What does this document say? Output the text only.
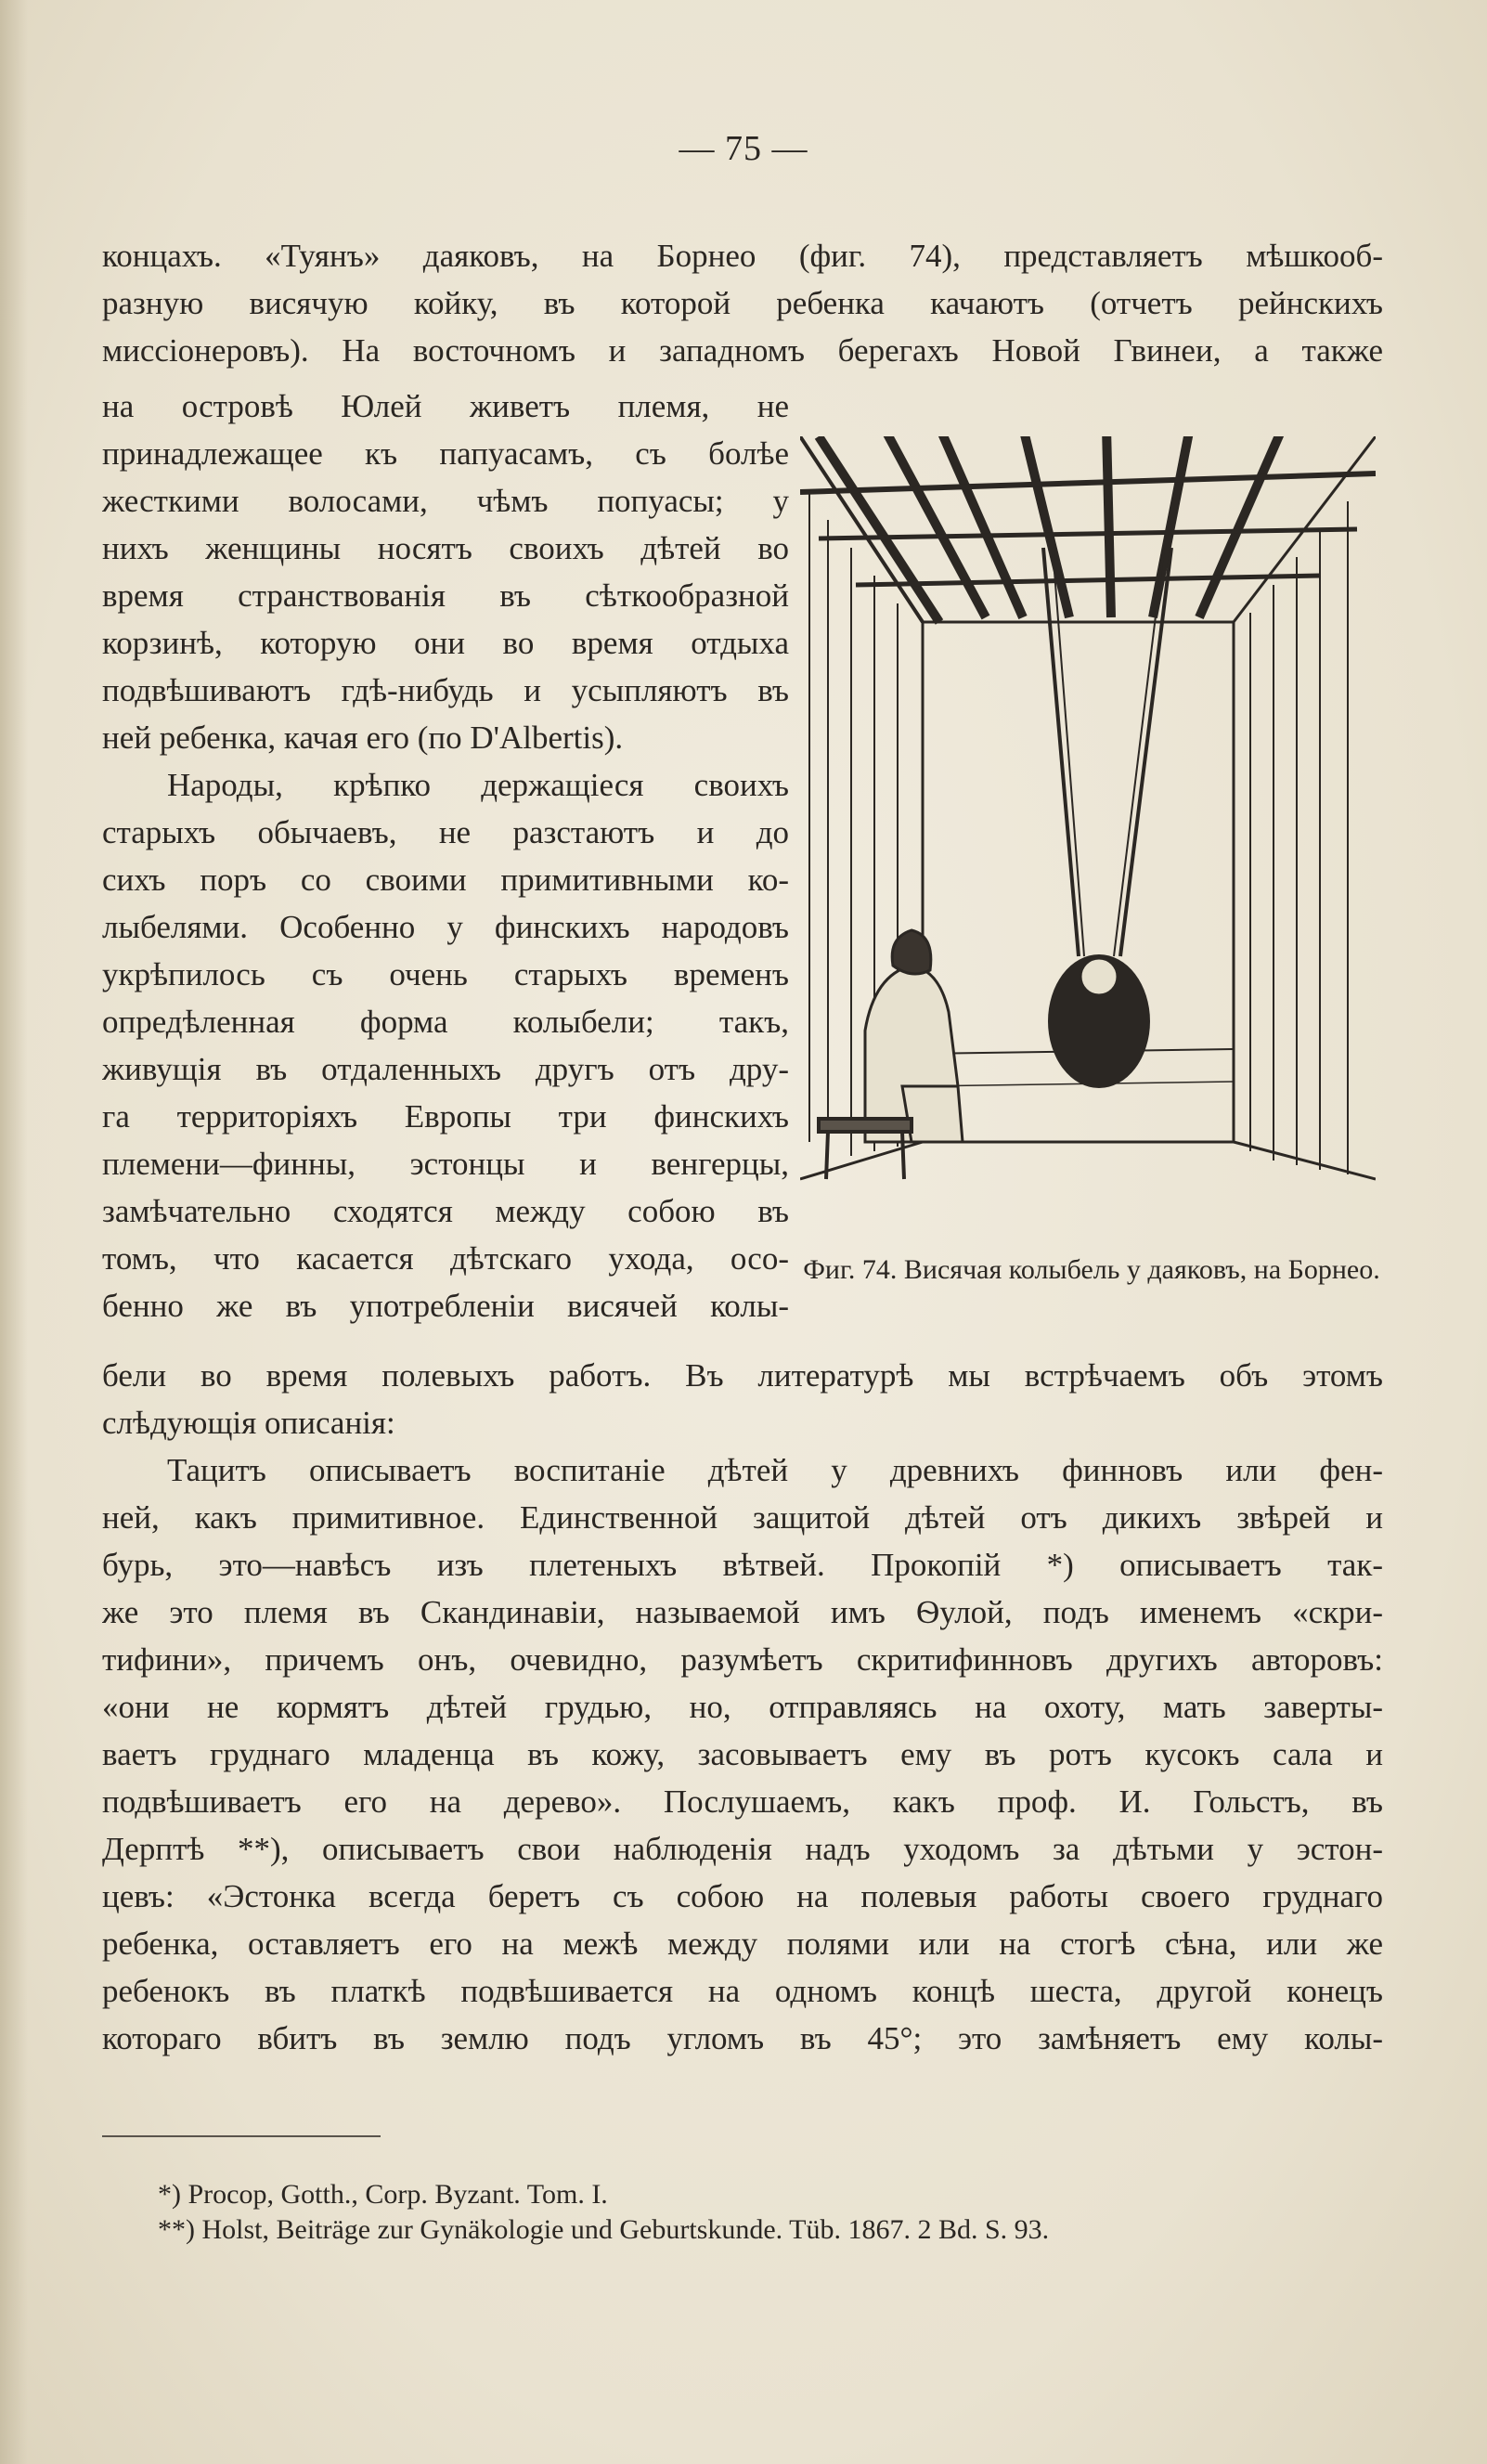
— 75 —
концахъ. «Туянъ» даяковъ, на Борнео (фиг. 74), представляетъ мѣшкооб-
разную висячую койку, въ которой ребенка качаютъ (отчетъ рейнскихъ
миссіонеровъ). На восточномъ и западномъ берегахъ Новой Гвинеи, а также
на островѣ Юлей живетъ племя, не
принадлежащее къ папуасамъ, съ болѣе
жесткими волосами, чѣмъ попуасы; у
нихъ женщины носятъ своихъ дѣтей во
время странствованія въ сѣткообразной
корзинѣ, которую они во время отдыха
подвѣшиваютъ гдѣ-нибудь и усыпляютъ въ
ней ребенка, качая его (по D'Albertis).
Народы, крѣпко держащіеся своихъ
старыхъ обычаевъ, не разстаютъ и до
сихъ поръ со своими примитивными ко-
лыбелями. Особенно у финскихъ народовъ
укрѣпилось съ очень старыхъ временъ
опредѣленная форма колыбели; такъ,
живущія въ отдаленныхъ другъ отъ дру-
га территоріяхъ Европы три финскихъ
племени—финны, эстонцы и венгерцы,
замѣчательно сходятся между собою въ
томъ, что касается дѣтскаго ухода, осо-
бенно же въ употребленіи висячей колы-
Фиг. 74. Висячая колыбель у даяковъ, на Борнео.
бели во время полевыхъ работъ. Въ литературѣ мы встрѣчаемъ объ этомъ
слѣдующія описанія:
Тацитъ описываетъ воспитаніе дѣтей у древнихъ финновъ или фен-
ней, какъ примитивное. Единственной защитой дѣтей отъ дикихъ звѣрей и
бурь, это—навѣсъ изъ плетеныхъ вѣтвей. Прокопій *) описываетъ так-
же это племя въ Скандинавіи, называемой имъ Ѳулой, подъ именемъ «скри-
тифини», причемъ онъ, очевидно, разумѣетъ скритифинновъ другихъ авторовъ:
«они не кормятъ дѣтей грудью, но, отправляясь на охоту, мать заверты-
ваетъ груднаго младенца въ кожу, засовываетъ ему въ ротъ кусокъ сала и
подвѣшиваетъ его на дерево». Послушаемъ, какъ проф. И. Гольстъ, въ
Дерптѣ **), описываетъ свои наблюденія надъ уходомъ за дѣтьми у эстон-
цевъ: «Эстонка всегда беретъ съ собою на полевыя работы своего груднаго
ребенка, оставляетъ его на межѣ между полями или на стогѣ сѣна, или же
ребенокъ въ платкѣ подвѣшивается на одномъ концѣ шеста, другой конецъ
котораго вбитъ въ землю подъ угломъ въ 45°; это замѣняетъ ему колы-
*) Procop, Gotth., Corp. Byzant. Tom. I.
**) Holst, Beiträge zur Gynäkologie und Geburtskunde. Tüb. 1867. 2 Bd. S. 93.
